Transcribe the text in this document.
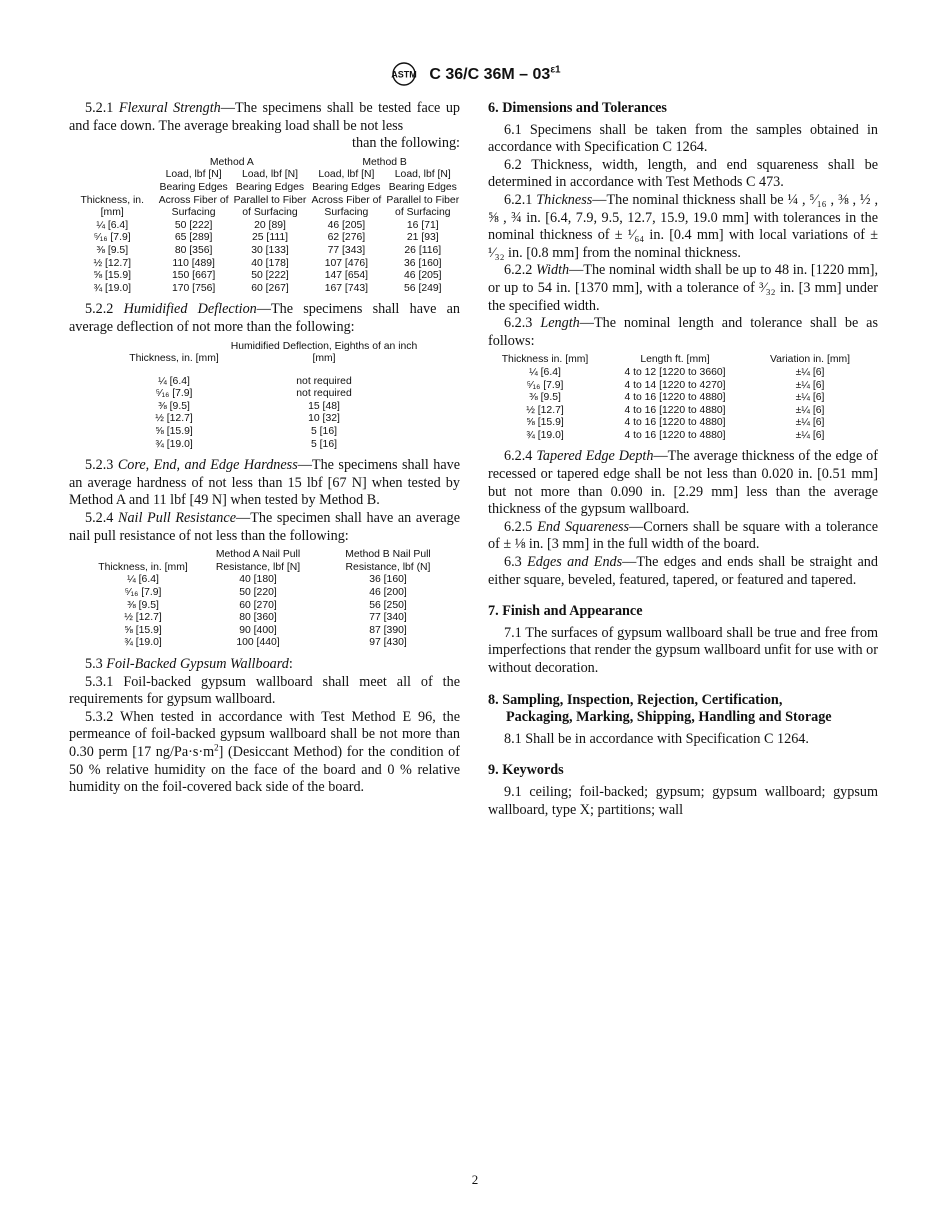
ASTM C 36/C $36M - 03^{\varepsilon 1}$

5.2.1 Flexural Strength—The specimens shall be tested face up and face down. The average breaking load shall be not less

than the following:

	Method A		Method B	
Thickness, in. [mm]	Load, lbf [N] Bearing Edges Across Fiber of Surfacing	Load, lbf [N] Bearing Edges Parallel to Fiber of Surfacing	Load, lbf [N] Bearing Edges Across Fiber of Surfacing	Load, lbf [N] Bearing Edges Parallel to Fiber of Surfacing
¼ [6.4]	50 [222]	20 [89]	46 [205]	16 [71]
⁵⁄₁₆ [7.9]	65 [289]	25 [111]	62 [276]	21 [93]
⅜ [9.5]	80 [356]	30 [133]	77 [343]	26 [116]
½ [12.7]	110 [489]	40 [178]	107 [476]	36 [160]
⅝ [15.9]	150 [667]	50 [222]	147 [654]	46 [205]
¾ [19.0]	170 [756]	60 [267]	167 [743]	56 [249]

5.2.2 Humidified Deflection—The specimens shall have an average deflection of not more than the following:

Thickness, in. [mm]	Humidified Deflection, Eighths of an inch [mm]
¼ [6.4]	not required
⁵⁄₁₆ [7.9]	not required
⅜ [9.5]	15 [48]
½ [12.7]	10 [32]
⅝ [15.9]	5 [16]
¾ [19.0]	5 [16]

5.2.3 Core, End, and Edge Hardness—The specimens shall have an average hardness of not less than 15 lbf [67 N] when tested by Method A and 11 lbf [49 N] when tested by Method B.

5.2.4 Nail Pull Resistance—The specimen shall have an average nail pull resistance of not less than the following:

Thickness, in. [mm]	Method A Nail Pull Resistance, lbf [N]	Method B Nail Pull Resistance, lbf (N]
¼ [6.4]	40 [180]	36 [160]
⁵⁄₁₆ [7.9]	50 [220]	46 [200]
⅜ [9.5]	60 [270]	56 [250]
½ [12.7]	80 [360]	77 [340]
⅝ [15.9]	90 [400]	87 [390]
¾ [19.0]	100 [440]	97 [430]

5.3 Foil-Backed Gypsum Wallboard:

5.3.1 Foil-backed gypsum wallboard shall meet all of the requirements for gypsum wallboard.

5.3.2 When tested in accordance with Test Method E 96, the permeance of foil-backed gypsum wallboard shall be not more than 0.30 perm [17 $ng/Pa\cdot s\cdot m^2$] (Desiccant Method) for the condition of 50 % relative humidity on the face of the board and 0 % relative humidity on the foil-covered back side of the board.

6. Dimensions and Tolerances

6.1 Specimens shall be taken from the samples obtained in accordance with Specification C 1264.

6.2 Thickness, width, length, and end squareness shall be determined in accordance with Test Methods C 473.

6.2.1 Thickness—The nominal thickness shall be ¼ , ⁵⁄₁₆ , ⅜ , ½ , ⅝ , ¾ in. [6.4, 7.9, 9.5, 12.7, 15.9, 19.0 mm] with tolerances in the nominal thickness of ± ¹⁄₆₄ in. [0.4 mm] with local variations of ± ¹⁄₃₂ in. [0.8 mm] from the nominal thickness.

6.2.2 Width—The nominal width shall be up to 48 in. [1220 mm], or up to 54 in. [1370 mm], with a tolerance of ³⁄₃₂ in. [3 mm] under the specified width.

6.2.3 Length—The nominal length and tolerance shall be as follows:

Thickness in. [mm]	Length ft. [mm]	Variation in. [mm]
¼ [6.4]	4 to 12 [1220 to 3660]	±¼ [6]
⁵⁄₁₆ [7.9]	4 to 14 [1220 to 4270]	±¼ [6]
⅜ [9.5]	4 to 16 [1220 to 4880]	±¼ [6]
½ [12.7]	4 to 16 [1220 to 4880]	±¼ [6]
⅝ [15.9]	4 to 16 [1220 to 4880]	±¼ [6]
¾ [19.0]	4 to 16 [1220 to 4880]	±¼ [6]

6.2.4 Tapered Edge Depth—The average thickness of the edge of recessed or tapered edge shall be not less than 0.020 in. [0.51 mm] but not more than 0.090 in. [2.29 mm] less than the average thickness of the gypsum wallboard.

6.2.5 End Squareness—Corners shall be square with a tolerance of ± ⅛ in. [3 mm] in the full width of the board.

6.3 Edges and Ends—The edges and ends shall be straight and either square, beveled, featured, tapered, or featured and tapered.

7. Finish and Appearance

7.1 The surfaces of gypsum wallboard shall be true and free from imperfections that render the gypsum wallboard unfit for use with or without decoration.

8. Sampling, Inspection, Rejection, Certification,
Packaging, Marking, Shipping, Handling and Storage

8.1 Shall be in accordance with Specification C 1264.

9. Keywords

9.1 ceiling; foil-backed; gypsum; gypsum wallboard; gypsum wallboard, type X; partitions; wall

2
